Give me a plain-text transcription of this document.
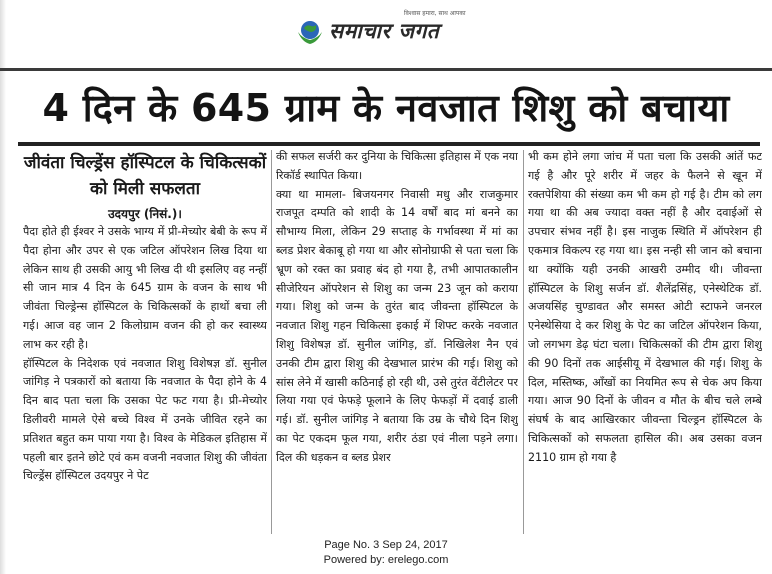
समाचार जगत
विश्वास हमारा, साथ आपका
4 दिन के 645 ग्राम के नवजात शिशु को बचाया
जीवंता चिल्ड्रेंस हॉस्पिटल के चिकित्सकों को मिली सफलता
उदयपुर (निसं.)।

पैदा होते ही ईश्वर ने उसके भाग्य में प्री-मेच्योर बेबी के रूप में पैदा होना और उपर से एक जटिल ऑपरेशन लिख दिया था लेकिन साथ ही उसकी आयु भी लिख दी थी इसलिए वह नन्हीं सी जान मात्र 4 दिन के 645 ग्राम के वजन के साथ भी जीवंता चिल्ड्रेन्स हॉस्पिटल के चिकित्सकों के हाथों बचा ली गई। आज वह जान 2 किलोग्राम वजन की हो कर स्वास्थ्य लाभ कर रही है।

हॉस्पिटल के निदेशक एवं नवजात शिशु विशेषज्ञ डॉ. सुनील जांगिड़ ने पत्रकारों को बताया कि नवजात के पैदा होने के 4 दिन बाद पता चला कि उसका पेट फट गया है। प्री-मेच्योर डिलीवरी मामले ऐसे बच्चे विश्व में उनके जीवित रहने का प्रतिशत बहुत कम पाया गया है। विश्व के मेडिकल इतिहास में पहली बार इतने छोटे एवं कम वजनी नवजात शिशु की जीवंता चिल्ड्रेंस हॉस्पिटल उदयपुर ने पेट

की सफल सर्जरी कर दुनिया के चिकित्सा इतिहास में एक नया रिकॉर्ड स्थापित किया।

क्या था मामला- बिजयनगर निवासी मधु और राजकुमार राजपूत दम्पति को शादी के 14 वर्षों बाद मां बनने का सौभाग्य मिला, लेकिन 29 सप्ताह के गर्भावस्था में मां का ब्लड प्रेशर बेकाबू हो गया था और सोनोग्राफी से पता चला कि भ्रूण को रक्त का प्रवाह बंद हो गया है, तभी आपातकालीन सीजेरियन ऑपरेशन से शिशु का जन्म 23 जून को कराया गया। शिशु को जन्म के तुरंत बाद जीवन्ता हॉस्पिटल के नवजात शिशु गहन चिकित्सा इकाई में शिफ्ट करके नवजात शिशु विशेषज्ञ डॉ. सुनील जांगिड़, डॉ. निखिलेश नैन एवं उनकी टीम द्वारा शिशु की देखभाल प्रारंभ की गई। शिशु को सांस लेने में खासी कठिनाई हो रही थी, उसे तुरंत वेंटीलेटर पर लिया गया एवं फेफड़े फूलाने के लिए फेफड़ों में दवाई डाली गई। डॉ. सुनील जांगिड़ ने बताया कि उम्र के चौथे दिन शिशु का पेट एकदम फूल गया, शरीर ठंडा एवं नीला पड़ने लगा। दिल की धड़कन व ब्लड प्रेशर

भी कम होने लगा जांच में पता चला कि उसकी आंतें फट गई है और पूरे शरीर में जहर के फैलने से खून में रक्तपेशिया की संख्या कम भी कम हो गई है। टीम को लग गया था की अब ज्यादा वक्त नहीं है और दवाईओं से उपचार संभव नहीं है। इस नाजुक स्थिति में ऑपरेशन ही एकमात्र विकल्प रह गया था। इस नन्ही सी जान को बचाना था क्योंकि यही उनकी आखरी उम्मीद थी। जीवन्ता हॉस्पिटल के शिशु सर्जन डॉ. शैलेंद्रसिंह, एनेस्थेटिक डॉ. अजयसिंह चुण्डावत और समस्त ओटी स्टाफने जनरल एनेस्थेसिया दे कर शिशु के पेट का जटिल ऑपरेशन किया, जो लगभग डेढ़ घंटा चला। चिकित्सकों की टीम द्वारा शिशु की 90 दिनों तक आईसीयू में देखभाल की गई। शिशु के दिल, मस्तिष्क, आँखों का नियमित रूप से चेक अप किया गया। आज 90 दिनों के जीवन व मौत के बीच चले लम्बे संघर्ष के बाद आखिरकार जीवन्ता चिल्ड्रन हॉस्पिटल के चिकित्सकों को सफलता हासिल की। अब उसका वजन 2110 ग्राम हो गया है

Page No. 3 Sep 24, 2017
Powered by: erelego.com
